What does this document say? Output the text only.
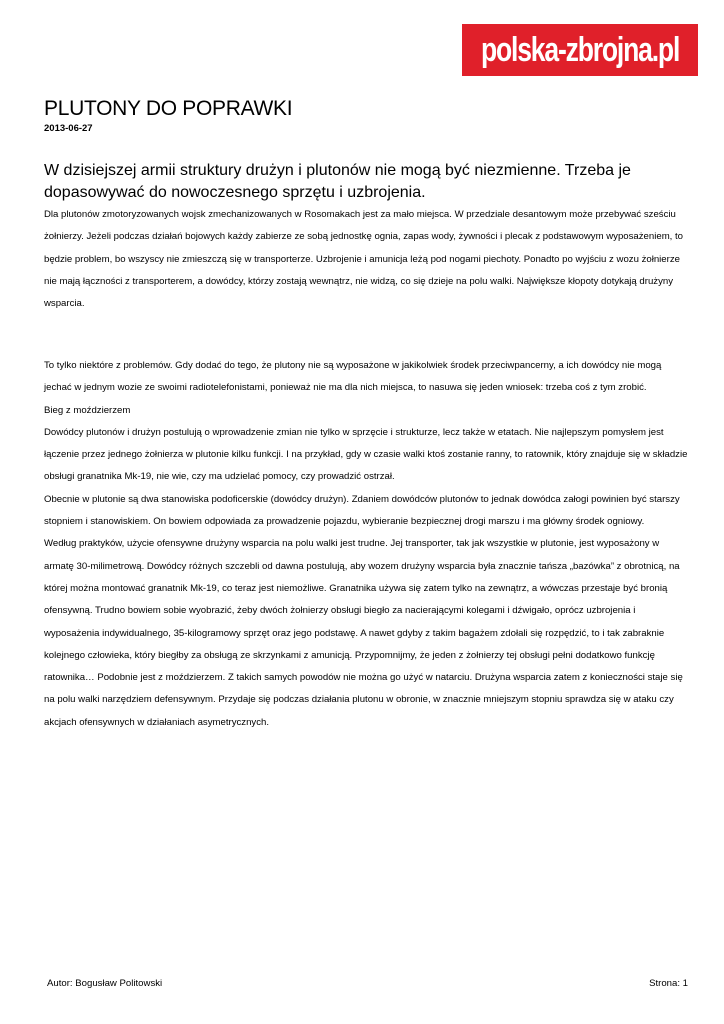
polska-zbrojna.pl
PLUTONY DO POPRAWKI
2013-06-27

W dzisiejszej armii struktury drużyn i plutonów nie mogą być niezmienne. Trzeba je dopasowywać do nowoczesnego sprzętu i uzbrojenia.

Dla plutonów zmotoryzowanych wojsk zmechanizowanych w Rosomakach jest za mało miejsca. W przedziale desantowym może przebywać sześciu żołnierzy. Jeżeli podczas działań bojowych każdy zabierze ze sobą jednostkę ognia, zapas wody, żywności i plecak z podstawowym wyposażeniem, to będzie problem, bo wszyscy nie zmieszczą się w transporterze. Uzbrojenie i amunicja leżą pod nogami piechoty. Ponadto po wyjściu z wozu żołnierze nie mają łączności z transporterem, a dowódcy, którzy zostają wewnątrz, nie widzą, co się dzieje na polu walki. Największe kłopoty dotykają drużyny wsparcia.

To tylko niektóre z problemów. Gdy dodać do tego, że plutony nie są wyposażone w jakikolwiek środek przeciwpancerny, a ich dowódcy nie mogą jechać w jednym wozie ze swoimi radiotelefonistami, ponieważ nie ma dla nich miejsca, to nasuwa się jeden wniosek: trzeba coś z tym zrobić.
Bieg z moździerzem
Dowódcy plutonów i drużyn postulują o wprowadzenie zmian nie tylko w sprzęcie i strukturze, lecz także w etatach. Nie najlepszym pomysłem jest łączenie przez jednego żołnierza w plutonie kilku funkcji. I na przykład, gdy w czasie walki ktoś zostanie ranny, to ratownik, który znajduje się w składzie obsługi granatnika Mk-19, nie wie, czy ma udzielać pomocy, czy prowadzić ostrzał.
Obecnie w plutonie są dwa stanowiska podoficerskie (dowódcy drużyn). Zdaniem dowódców plutonów to jednak dowódca załogi powinien być starszy stopniem i stanowiskiem. On bowiem odpowiada za prowadzenie pojazdu, wybieranie bezpiecznej drogi marszu i ma główny środek ogniowy.
Według praktyków, użycie ofensywne drużyny wsparcia na polu walki jest trudne. Jej transporter, tak jak wszystkie w plutonie, jest wyposażony w armatę 30-milimetrową. Dowódcy różnych szczebli od dawna postulują, aby wozem drużyny wsparcia była znacznie tańsza „bazówka” z obrotnicą, na której można montować granatnik Mk-19, co teraz jest niemożliwe. Granatnika używa się zatem tylko na zewnątrz, a wówczas przestaje być bronią ofensywną. Trudno bowiem sobie wyobrazić, żeby dwóch żołnierzy obsługi biegło za nacierającymi kolegami i dźwigało, oprócz uzbrojenia i wyposażenia indywidualnego, 35-kilogramowy sprzęt oraz jego podstawę. A nawet gdyby z takim bagażem zdołali się rozpędzić, to i tak zabraknie kolejnego człowieka, który biegłby za obsługą ze skrzynkami z amunicją. Przypomnijmy, że jeden z żołnierzy tej obsługi pełni dodatkowo funkcję ratownika… Podobnie jest z moździerzem. Z takich samych powodów nie można go użyć w natarciu. Drużyna wsparcia zatem z konieczności staje się na polu walki narzędziem defensywnym. Przydaje się podczas działania plutonu w obronie, w znacznie mniejszym stopniu sprawdza się w ataku czy akcjach ofensywnych w działaniach asymetrycznych.
Autor: Bogusław Politowski	Strona: 1
